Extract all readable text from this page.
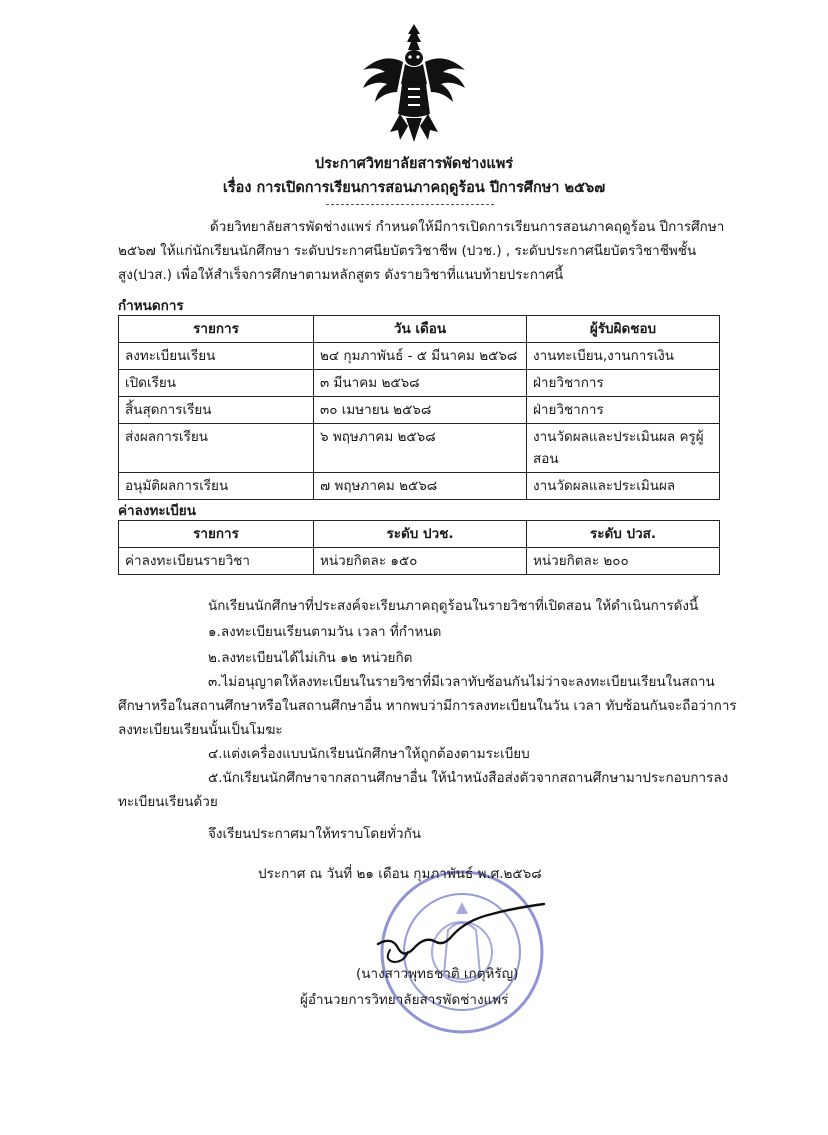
ประกาศวิทยาลัยสารพัดช่างแพร่
เรื่อง การเปิดการเรียนการสอนภาคฤดูร้อน ปีการศึกษา ๒๕๖๗
ด้วยวิทยาลัยสารพัดช่างแพร่ กำหนดให้มีการเปิดการเรียนการสอนภาคฤดูร้อน ปีการศึกษา ๒๕๖๗ ให้แก่นักเรียนนักศึกษา ระดับประกาศนียบัตรวิชาชีพ (ปวช.) , ระดับประกาศนียบัตรวิชาชีพชั้นสูง(ปวส.) เพื่อให้สำเร็จการศึกษาตามหลักสูตร ดังรายวิชาที่แนบท้ายประกาศนี้
กำหนดการ
รายการ	วัน เดือน	ผู้รับผิดชอบ
ลงทะเบียนเรียน	๒๔ กุมภาพันธ์ - ๕ มีนาคม ๒๕๖๘	งานทะเบียน,งานการเงิน
เปิดเรียน	๓ มีนาคม ๒๕๖๘	ฝ่ายวิชาการ
สิ้นสุดการเรียน	๓๐ เมษายน ๒๕๖๘	ฝ่ายวิชาการ
ส่งผลการเรียน	๖ พฤษภาคม ๒๕๖๘	งานวัดผลและประเมินผล ครูผู้สอน
อนุมัติผลการเรียน	๗ พฤษภาคม ๒๕๖๘	งานวัดผลและประเมินผล
ค่าลงทะเบียน
รายการ	ระดับ ปวช.	ระดับ ปวส.
ค่าลงทะเบียนรายวิชา	หน่วยกิตละ ๑๕๐	หน่วยกิตละ ๒๐๐
นักเรียนนักศึกษาที่ประสงค์จะเรียนภาคฤดูร้อนในรายวิชาที่เปิดสอน ให้ดำเนินการดังนี้
๑.ลงทะเบียนเรียนตามวัน เวลา ที่กำหนด
๒.ลงทะเบียนได้ไม่เกิน ๑๒ หน่วยกิต
๓.ไม่อนุญาตให้ลงทะเบียนในรายวิชาที่มีเวลาทับซ้อนกันไม่ว่าจะลงทะเบียนเรียนในสถานศึกษาหรือในสถานศึกษาหรือในสถานศึกษาอื่น หากพบว่ามีการลงทะเบียนในวัน เวลา ทับซ้อนกันจะถือว่าการลงทะเบียนเรียนนั้นเป็นโมฆะ
๔.แต่งเครื่องแบบนักเรียนนักศึกษาให้ถูกต้องตามระเบียบ
๕.นักเรียนนักศึกษาจากสถานศึกษาอื่น ให้นำหนังสือส่งตัวจากสถานศึกษามาประกอบการลงทะเบียนเรียนด้วย
จึงเรียนประกาศมาให้ทราบโดยทั่วกัน
ประกาศ ณ วันที่ ๒๑ เดือน กุมภาพันธ์ พ.ศ.๒๕๖๘
(นางสาวพุทธชาติ เกตุหิรัญ)
ผู้อำนวยการวิทยาลัยสารพัดช่างแพร่
